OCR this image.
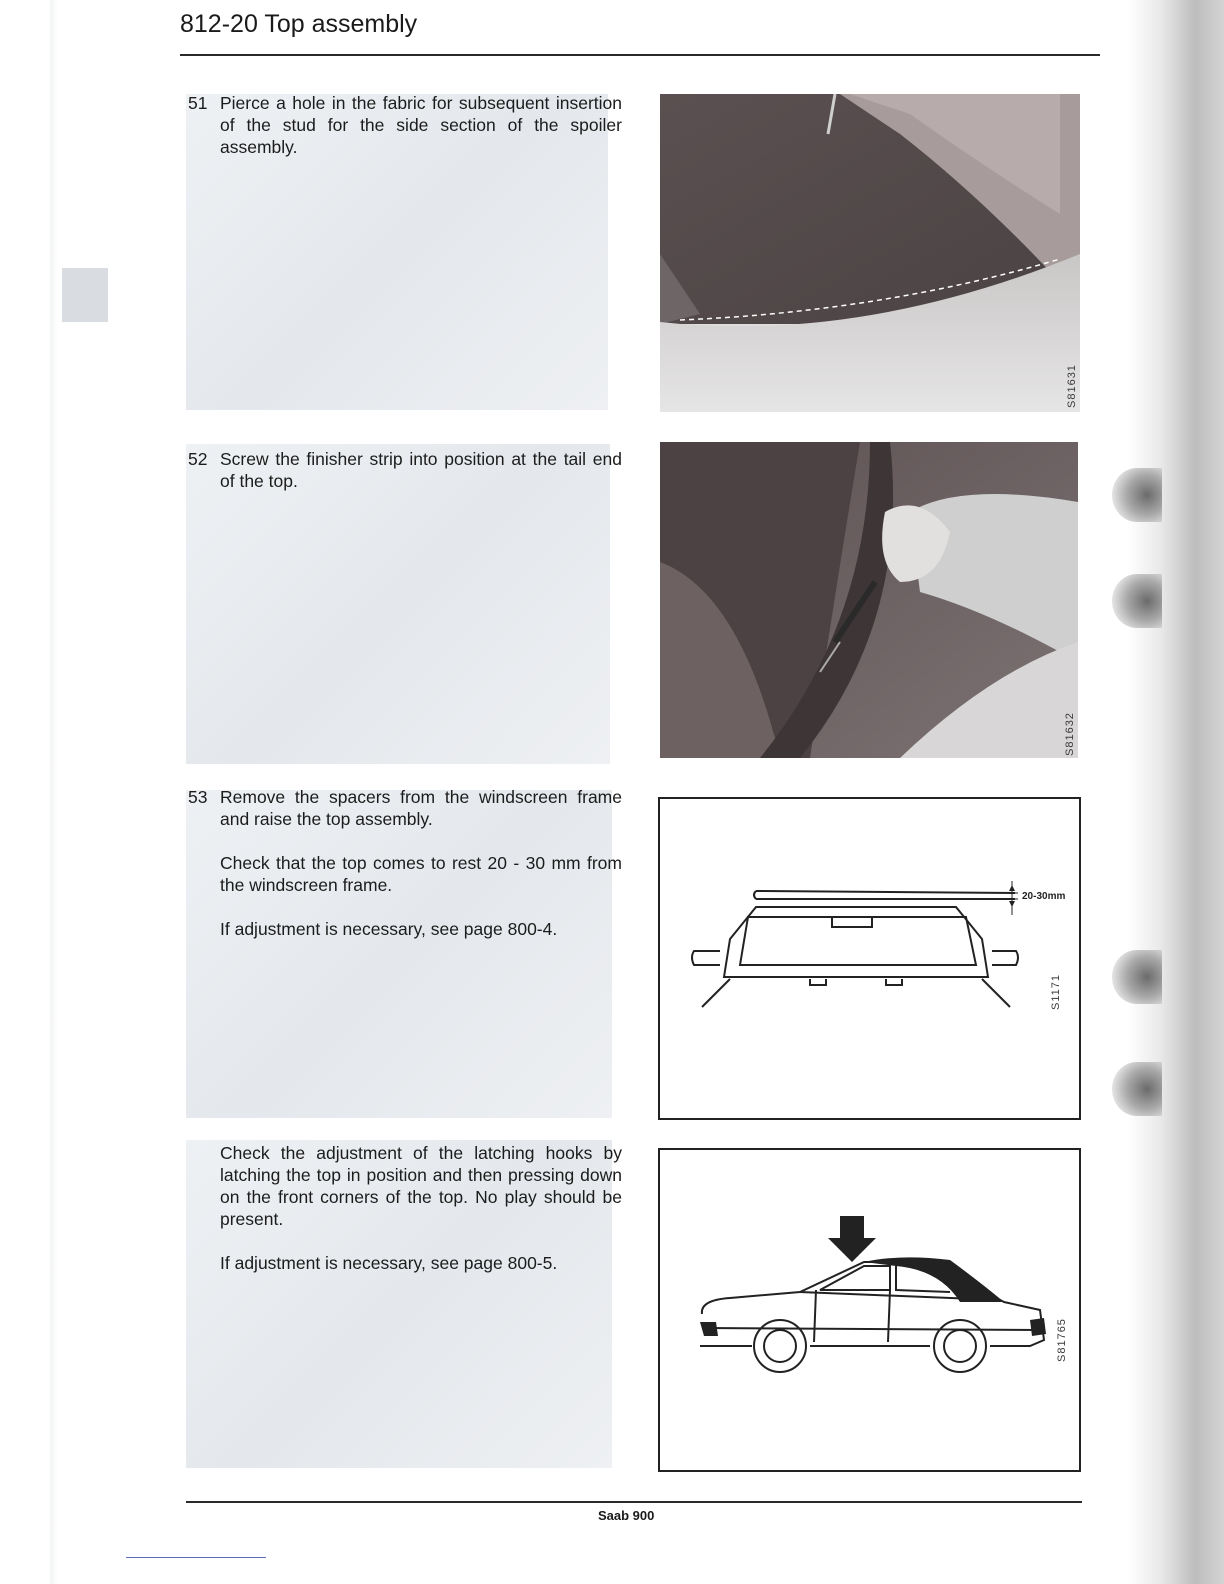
812-20 Top assembly
51 Pierce a hole in the fabric for subsequent insertion of the stud for the side section of the spoiler assembly.

52 Screw the finisher strip into position at the tail end of the top.

53 Remove the spacers from the windscreen frame and raise the top assembly.

Check that the top comes to rest 20 - 30 mm from the windscreen frame.

If adjustment is necessary, see page 800-4.

Check the adjustment of the latching hooks by latching the top in position and then pressing down on the front corners of the top. No play should be present.

If adjustment is necessary, see page 800-5.

S81631
S81632
20-30mm
S1171
S81765
Saab 900
